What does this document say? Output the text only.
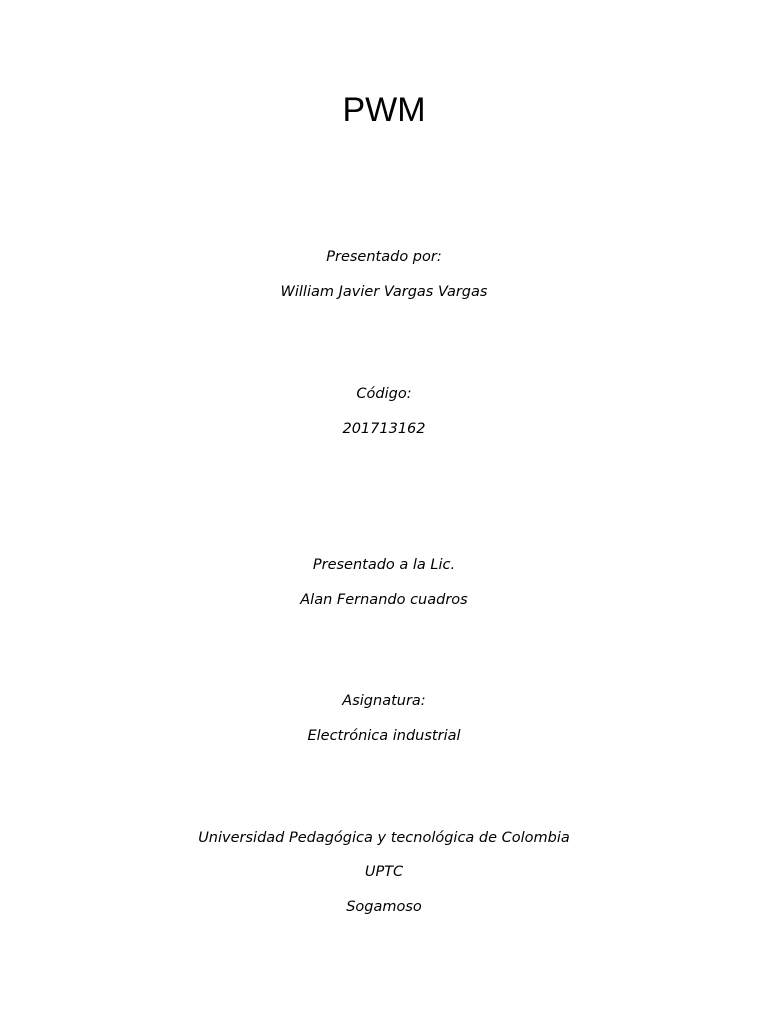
PWM
Presentado por:
William Javier Vargas Vargas
Código:
201713162
Presentado a la Lic.
Alan Fernando cuadros
Asignatura:
Electrónica industrial
Universidad Pedagógica y tecnológica de Colombia
UPTC
Sogamoso
